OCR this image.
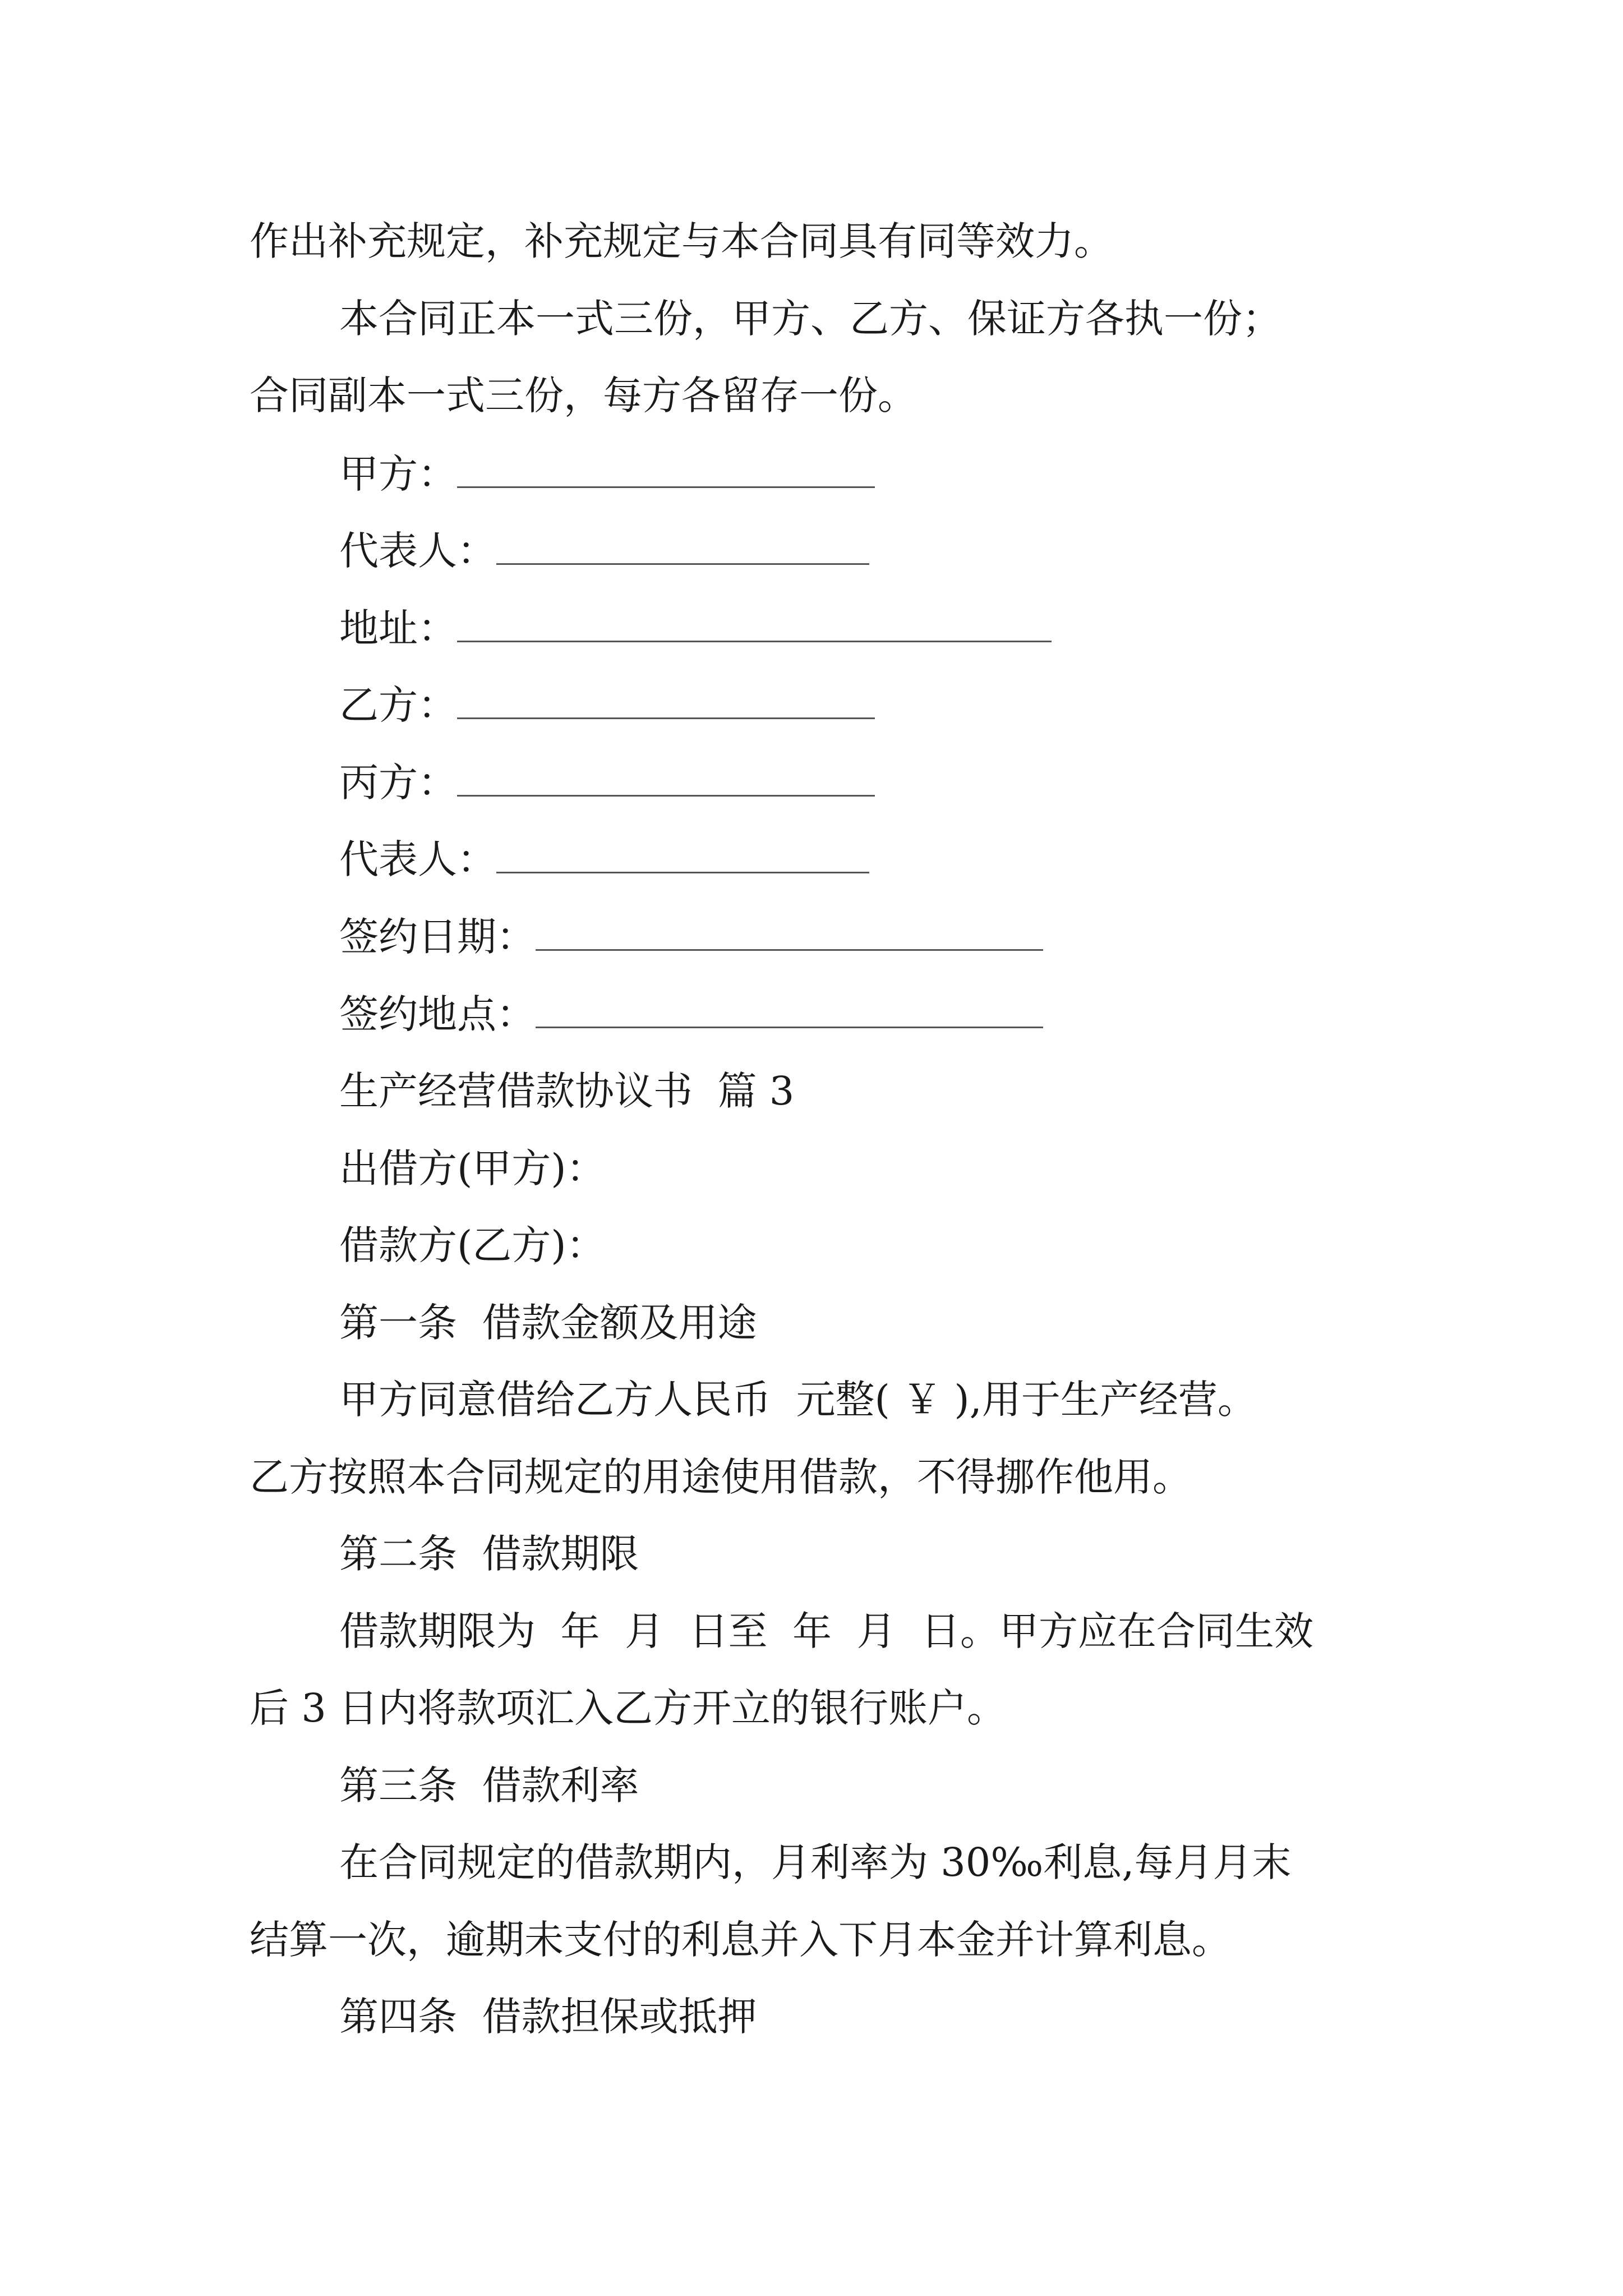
作出补充规定，补充规定与本合同具有同等效力。
本合同正本一式三份，甲方、乙方、保证方各执一份；
合同副本一式三份，每方各留存一份。
甲方：
代表人：
地址：
乙方：
丙方：
代表人：
签约日期：
签约地点：
生产经营借款协议书  篇 3
出借方(甲方)：
借款方(乙方)：
第一条  借款金额及用途
甲方同意借给乙方人民币  元整( ￥ ),用于生产经营。
乙方按照本合同规定的用途使用借款，不得挪作他用。
第二条  借款期限
借款期限为  年  月  日至  年  月  日。甲方应在合同生效
后 3 日内将款项汇入乙方开立的银行账户。
第三条  借款利率
在合同规定的借款期内，月利率为 30‰利息,每月月末
结算一次，逾期未支付的利息并入下月本金并计算利息。
第四条  借款担保或抵押
